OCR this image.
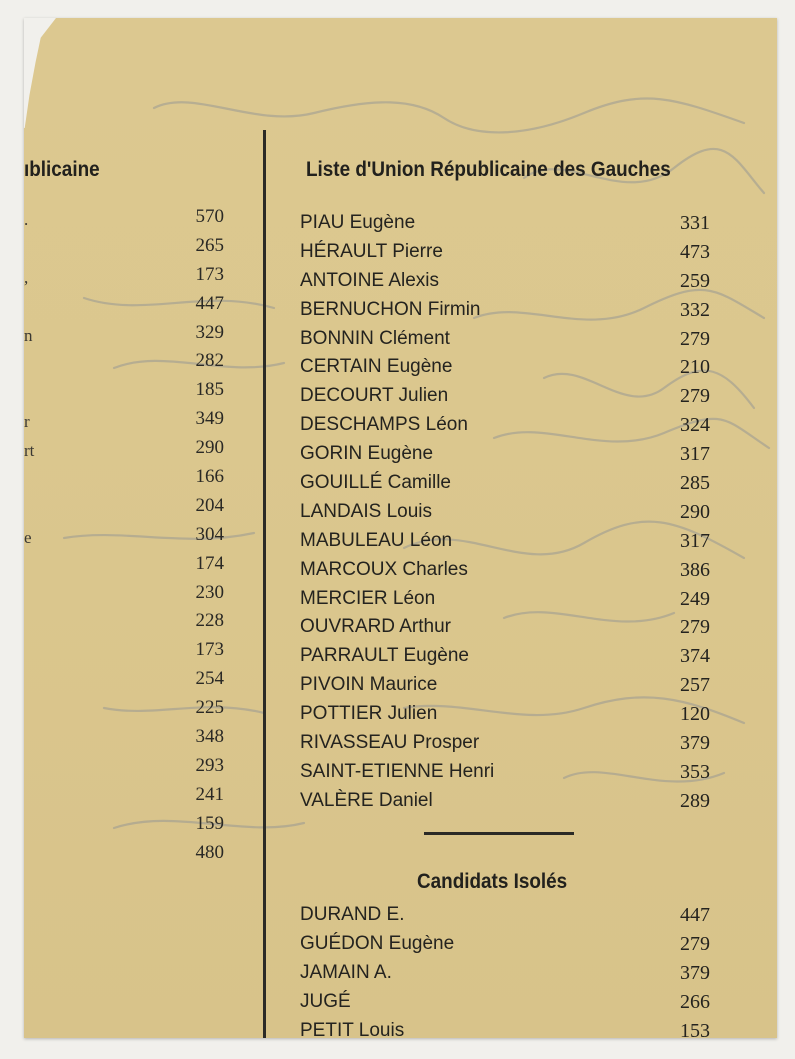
ıblicaine
.	570
265
,	173
447
n	329
282
185
r	349
rt	290
166
204
e	304
174
230
228
173
254
225
348
293
241
159
480
Liste d'Union Républicaine des Gauches
PIAU Eugène	331
HÉRAULT Pierre	473
ANTOINE Alexis	259
BERNUCHON Firmin	332
BONNIN Clément	279
CERTAIN Eugène	210
DECOURT Julien	279
DESCHAMPS Léon	324
GORIN Eugène	317
GOUILLÉ Camille	285
LANDAIS Louis	290
MABULEAU Léon	317
MARCOUX Charles	386
MERCIER Léon	249
OUVRARD Arthur	279
PARRAULT Eugène	374
PIVOIN Maurice	257
POTTIER Julien	120
RIVASSEAU Prosper	379
SAINT-ETIENNE Henri	353
VALÈRE Daniel	289
Candidats Isolés
DURAND E.	447
GUÉDON Eugène	279
JAMAIN A.	379
JUGÉ	266
PETIT Louis	153
